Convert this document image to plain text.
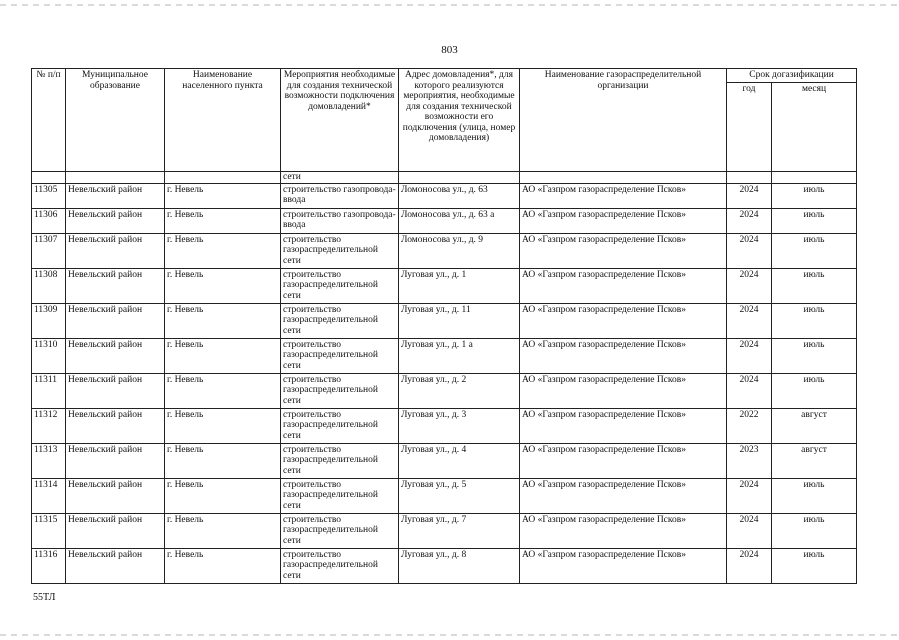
803
№ п/п	Муниципальное образование	Наименование населенного пункта	Мероприятия необходимые для создания технической возможности подключения домовладений*	Адрес домовладения*, для которого реализуются мероприятия, необходимые для создания технической возможности его подключения (улица, номер домовладения)	Наименование газораспределительной организации	Срок догазификации	
						год	месяц
			сети				
11305	Невельский район	г. Невель	строительство газопровода-ввода	Ломоносова ул., д. 63	АО «Газпром газораспределение Псков»	2024	июль
11306	Невельский район	г. Невель	строительство газопровода-ввода	Ломоносова ул., д. 63 а	АО «Газпром газораспределение Псков»	2024	июль
11307	Невельский район	г. Невель	строительство газораспределительной сети	Ломоносова ул., д. 9	АО «Газпром газораспределение Псков»	2024	июль
11308	Невельский район	г. Невель	строительство газораспределительной сети	Луговая ул., д. 1	АО «Газпром газораспределение Псков»	2024	июль
11309	Невельский район	г. Невель	строительство газораспределительной сети	Луговая ул., д. 11	АО «Газпром газораспределение Псков»	2024	июль
11310	Невельский район	г. Невель	строительство газораспределительной сети	Луговая ул., д. 1 а	АО «Газпром газораспределение Псков»	2024	июль
11311	Невельский район	г. Невель	строительство газораспределительной сети	Луговая ул., д. 2	АО «Газпром газораспределение Псков»	2024	июль
11312	Невельский район	г. Невель	строительство газораспределительной сети	Луговая ул., д. 3	АО «Газпром газораспределение Псков»	2022	август
11313	Невельский район	г. Невель	строительство газораспределительной сети	Луговая ул., д. 4	АО «Газпром газораспределение Псков»	2023	август
11314	Невельский район	г. Невель	строительство газораспределительной сети	Луговая ул., д. 5	АО «Газпром газораспределение Псков»	2024	июль
11315	Невельский район	г. Невель	строительство газораспределительной сети	Луговая ул., д. 7	АО «Газпром газораспределение Псков»	2024	июль
11316	Невельский район	г. Невель	строительство газораспределительной сети	Луговая ул., д. 8	АО «Газпром газораспределение Псков»	2024	июль
55ТЛ
